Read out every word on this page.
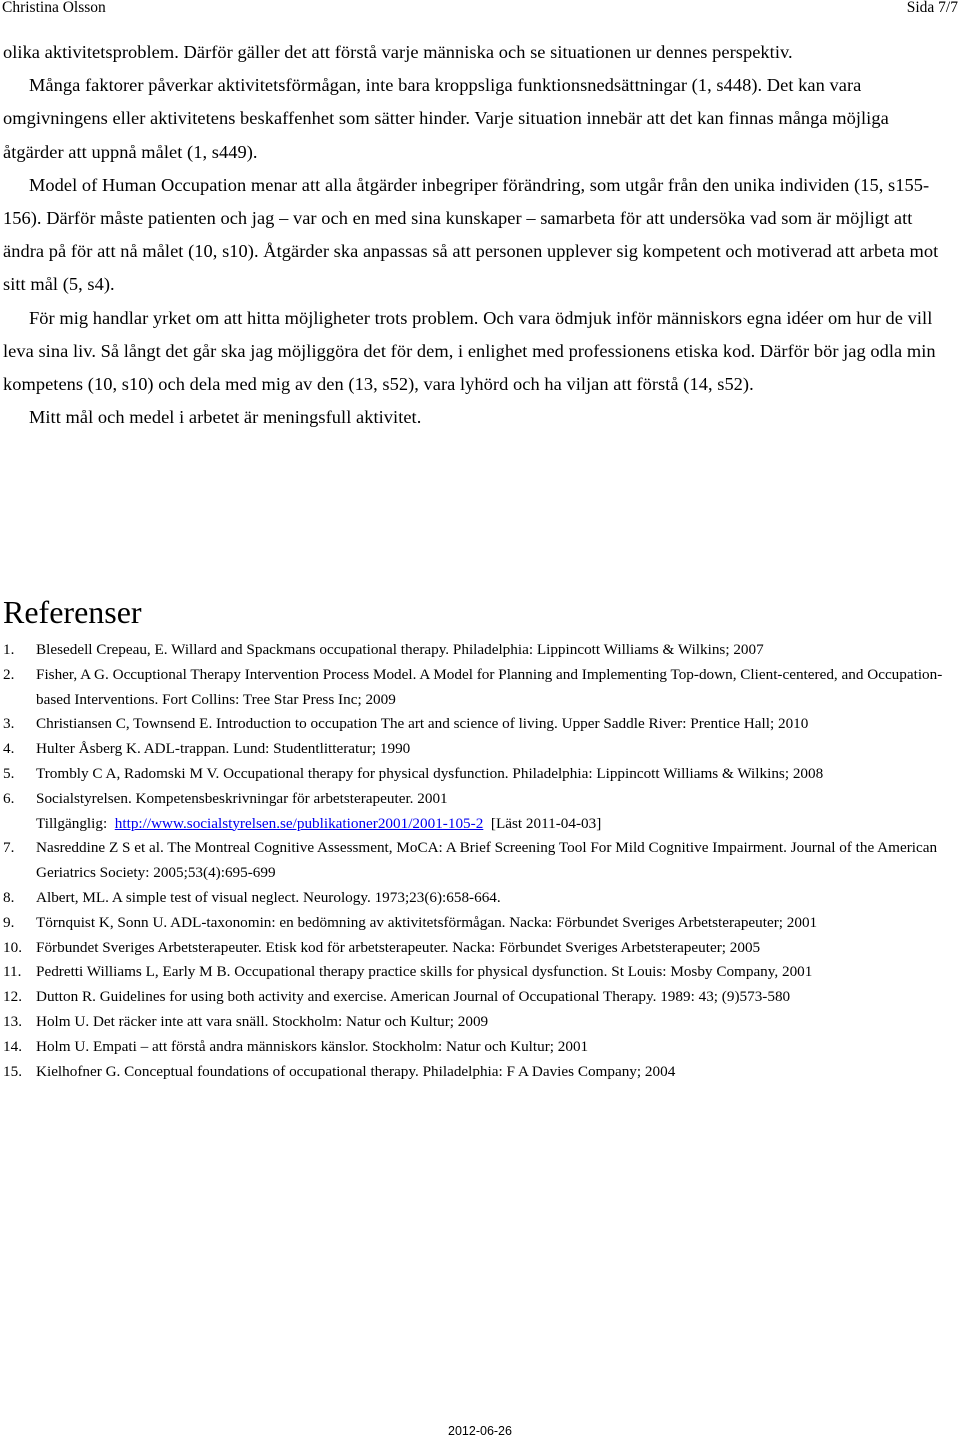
Christina Olsson	Sida 7/7

olika aktivitetsproblem. Därför gäller det att förstå varje människa och se situationen ur dennes perspektiv.

Många faktorer påverkar aktivitetsförmågan, inte bara kroppsliga funktionsnedsättningar (1, s448). Det kan vara omgivningens eller aktivitetens beskaffenhet som sätter hinder. Varje situation innebär att det kan finnas många möjliga åtgärder att uppnå målet (1, s449).

Model of Human Occupation menar att alla åtgärder inbegriper förändring, som utgår från den unika individen (15, s155-156). Därför måste patienten och jag – var och en med sina kunskaper – samarbeta för att undersöka vad som är möjligt att ändra på för att nå målet (10, s10). Åtgärder ska anpassas så att personen upplever sig kompetent och motiverad att arbeta mot sitt mål (5, s4).

För mig handlar yrket om att hitta möjligheter trots problem. Och vara ödmjuk inför människors egna idéer om hur de vill leva sina liv. Så långt det går ska jag möjliggöra det för dem, i enlighet med professionens etiska kod. Därför bör jag odla min kompetens (10, s10) och dela med mig av den (13, s52), vara lyhörd och ha viljan att förstå (14, s52).

Mitt mål och medel i arbetet är meningsfull aktivitet.

Referenser
1. Blesedell Crepeau, E. Willard and Spackmans occupational therapy. Philadelphia: Lippincott Williams & Wilkins; 2007
2. Fisher, A G. Occuptional Therapy Intervention Process Model. A Model for Planning and Implementing Top-down, Client-centered, and Occupation-based Interventions. Fort Collins: Tree Star Press Inc; 2009
3. Christiansen C, Townsend E. Introduction to occupation The art and science of living. Upper Saddle River: Prentice Hall; 2010
4. Hulter Åsberg K. ADL-trappan. Lund: Studentlitteratur; 1990
5. Trombly C A, Radomski M V. Occupational therapy for physical dysfunction. Philadelphia: Lippincott Williams & Wilkins; 2008
6. Socialstyrelsen. Kompetensbeskrivningar för arbetsterapeuter. 2001
Tillgänglig: http://www.socialstyrelsen.se/publikationer2001/2001-105-2 [Läst 2011-04-03]
7. Nasreddine Z S et al. The Montreal Cognitive Assessment, MoCA: A Brief Screening Tool For Mild Cognitive Impairment. Journal of the American Geriatrics Society: 2005;53(4):695-699
8. Albert, ML. A simple test of visual neglect. Neurology. 1973;23(6):658-664.
9. Törnquist K, Sonn U. ADL-taxonomin: en bedömning av aktivitetsförmågan. Nacka: Förbundet Sveriges Arbetsterapeuter; 2001
10. Förbundet Sveriges Arbetsterapeuter. Etisk kod för arbetsterapeuter. Nacka: Förbundet Sveriges Arbetsterapeuter; 2005
11. Pedretti Williams L, Early M B. Occupational therapy practice skills for physical dysfunction. St Louis: Mosby Company, 2001
12. Dutton R. Guidelines for using both activity and exercise. American Journal of Occupational Therapy. 1989: 43; (9)573-580
13. Holm U. Det räcker inte att vara snäll. Stockholm: Natur och Kultur; 2009
14. Holm U. Empati – att förstå andra människors känslor. Stockholm: Natur och Kultur; 2001
15. Kielhofner G. Conceptual foundations of occupational therapy. Philadelphia: F A Davies Company; 2004
2012-06-26
